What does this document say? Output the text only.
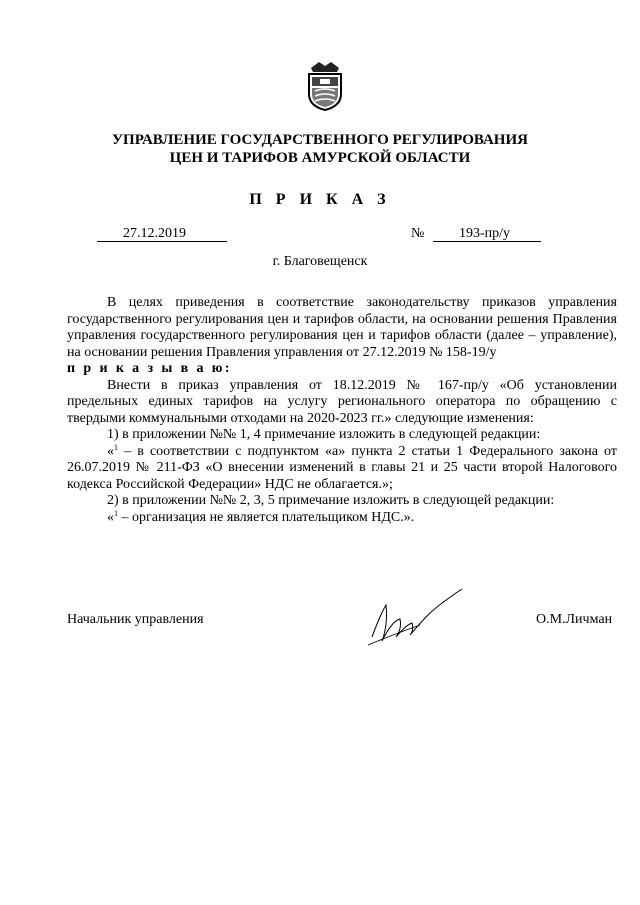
УПРАВЛЕНИЕ ГОСУДАРСТВЕННОГО РЕГУЛИРОВАНИЯ
ЦЕН И ТАРИФОВ АМУРСКОЙ ОБЛАСТИ
П Р И К А З
27.12.2019	№ 193-пр/у
г. Благовещенск

В целях приведения в соответствие законодательству приказов управления государственного регулирования цен и тарифов области, на основании решения Правления управления государственного регулирования цен и тарифов области (далее – управление), на основании решения Правления управления от 27.12.2019 № 158-19/у

п р и к а з ы в а ю:

Внести в приказ управления от 18.12.2019 № 167-пр/у «Об установлении предельных единых тарифов на услугу регионального оператора по обращению с твердыми коммунальными отходами на 2020-2023 гг.» следующие изменения:

1) в приложении №№ 1, 4 примечание изложить в следующей редакции:

«$^1$ – в соответствии с подпунктом «а» пункта 2 статьи 1 Федерального закона от 26.07.2019 № 211-ФЗ «О внесении изменений в главы 21 и 25 части второй Налогового кодекса Российской Федерации» НДС не облагается.»;

2) в приложении №№ 2, 3, 5 примечание изложить в следующей редакции:

«$^1$ – организация не является плательщиком НДС.».

Начальник управления	О.М.Личман
